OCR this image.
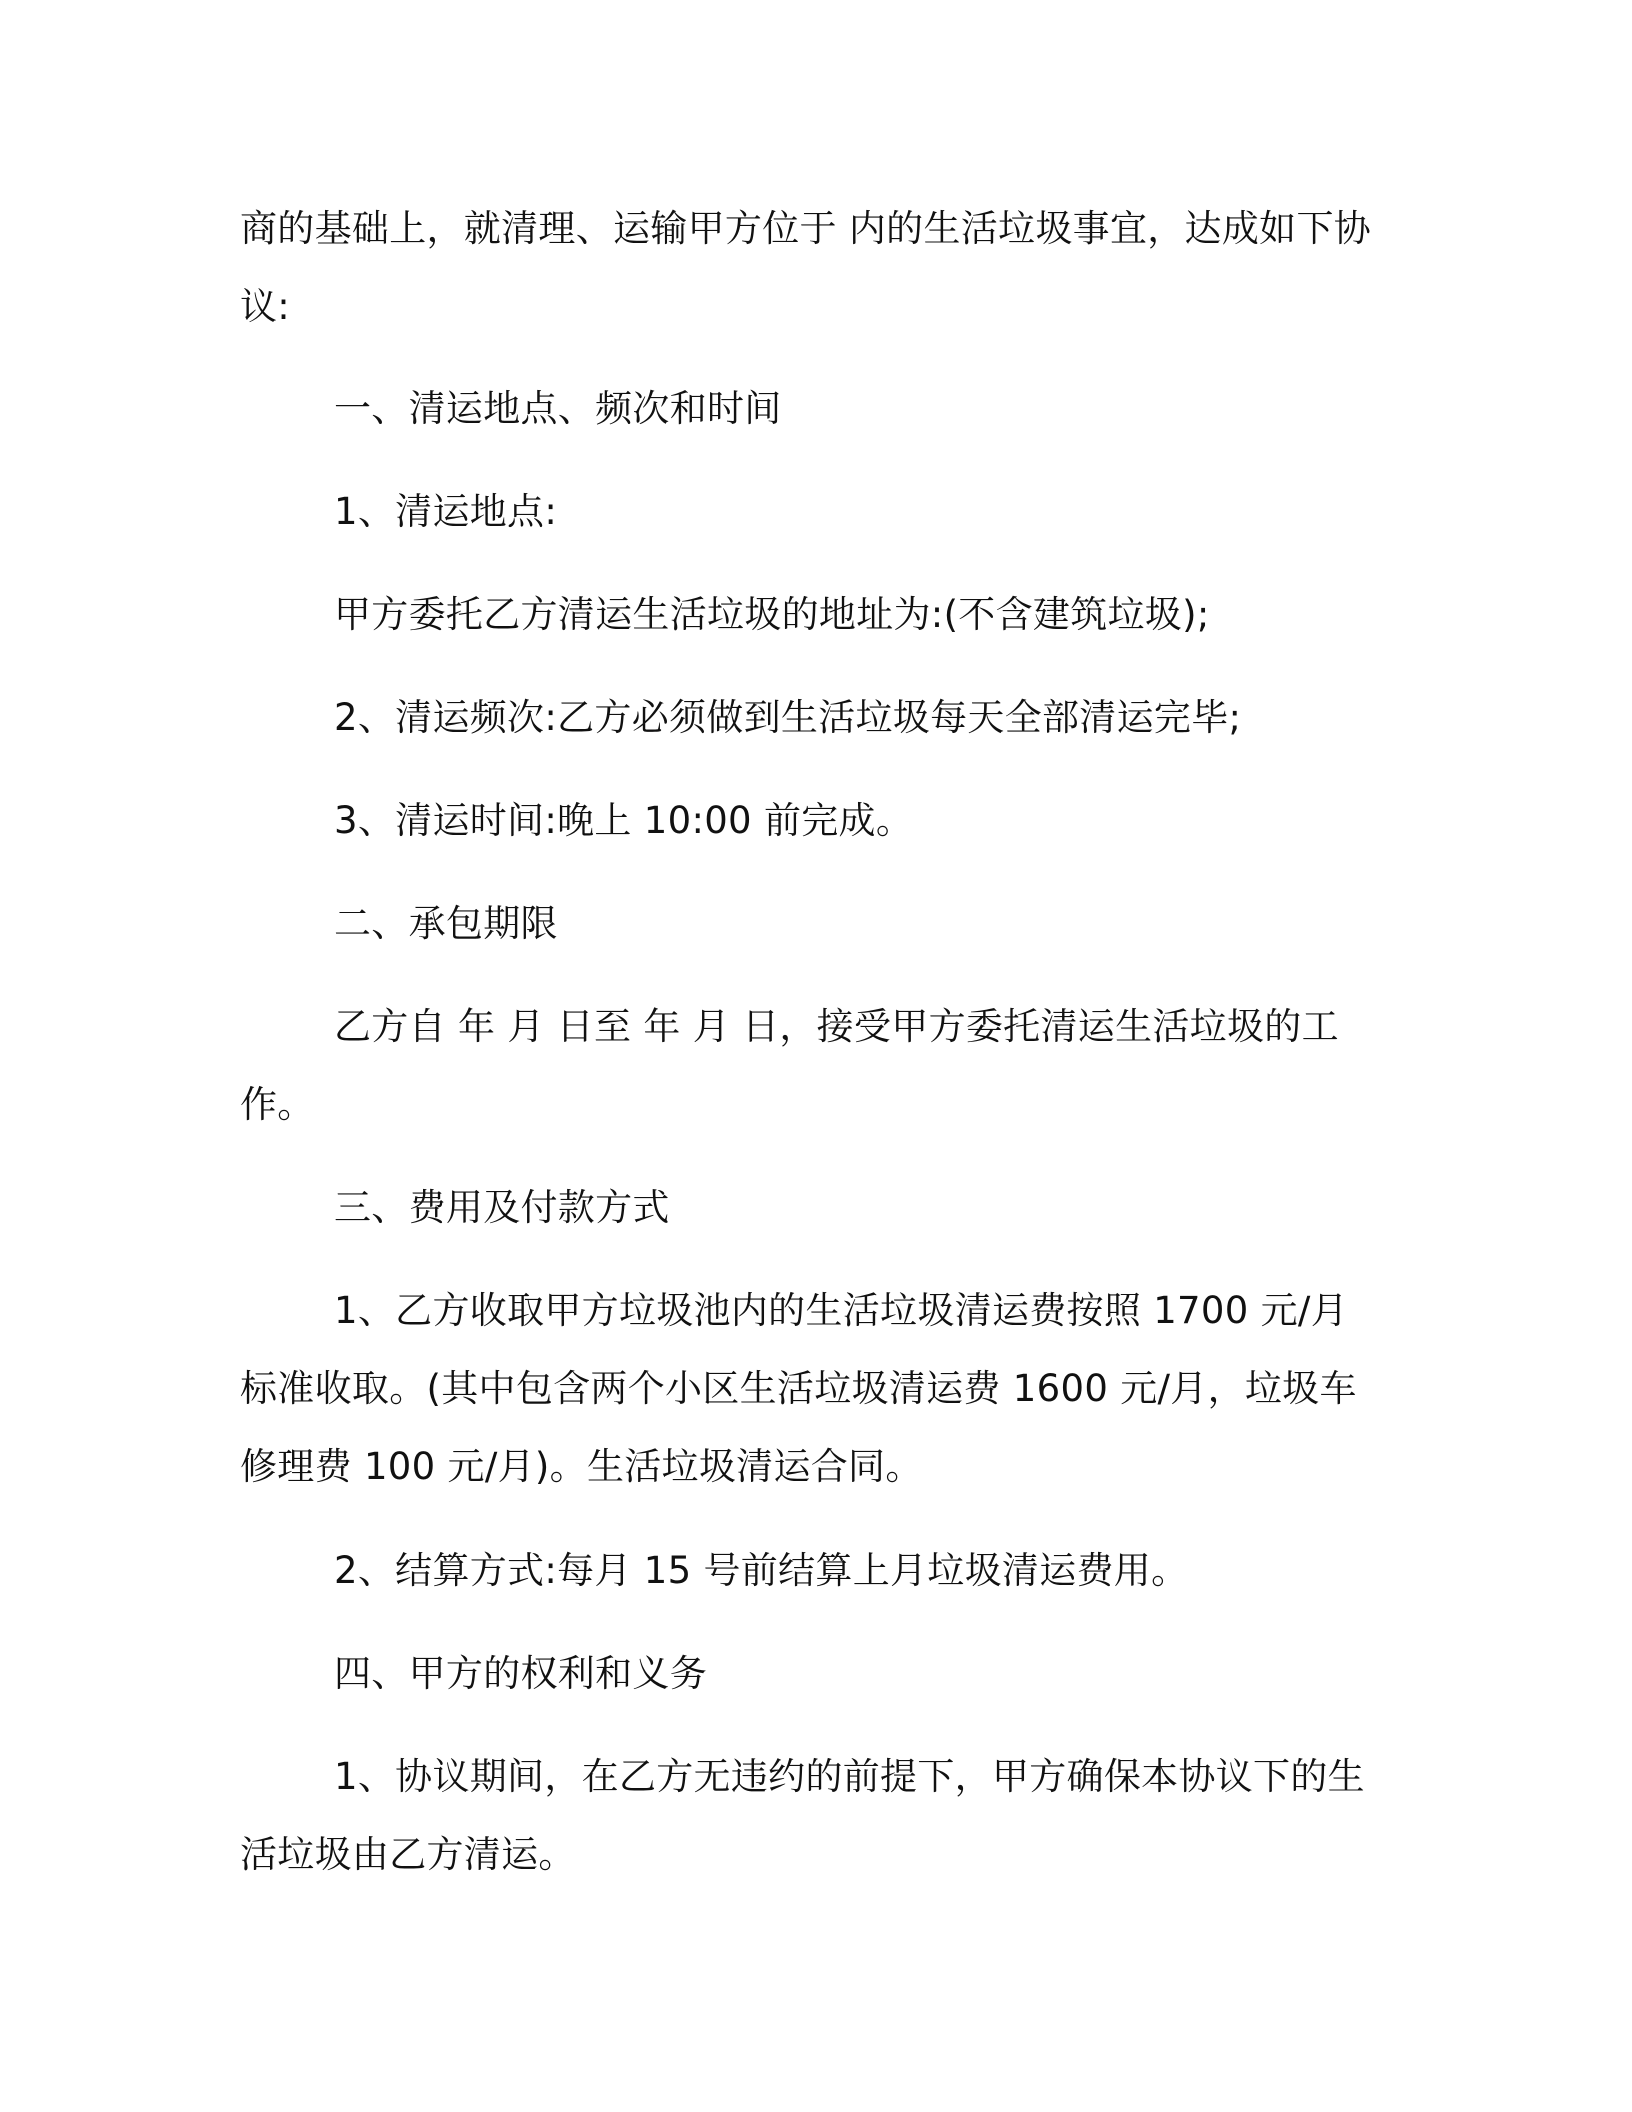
商的基础上，就清理、运输甲方位于 内的生活垃圾事宜，达成如下协议:

一、清运地点、频次和时间

1、清运地点:

甲方委托乙方清运生活垃圾的地址为:(不含建筑垃圾);

2、清运频次:乙方必须做到生活垃圾每天全部清运完毕;

3、清运时间:晚上 10:00 前完成。

二、承包期限

乙方自 年 月 日至 年 月 日，接受甲方委托清运生活垃圾的工作。

三、费用及付款方式

1、乙方收取甲方垃圾池内的生活垃圾清运费按照 1700 元/月标准收取。(其中包含两个小区生活垃圾清运费 1600 元/月，垃圾车修理费 100 元/月)。生活垃圾清运合同。

2、结算方式:每月 15 号前结算上月垃圾清运费用。

四、甲方的权利和义务

1、协议期间，在乙方无违约的前提下，甲方确保本协议下的生活垃圾由乙方清运。
